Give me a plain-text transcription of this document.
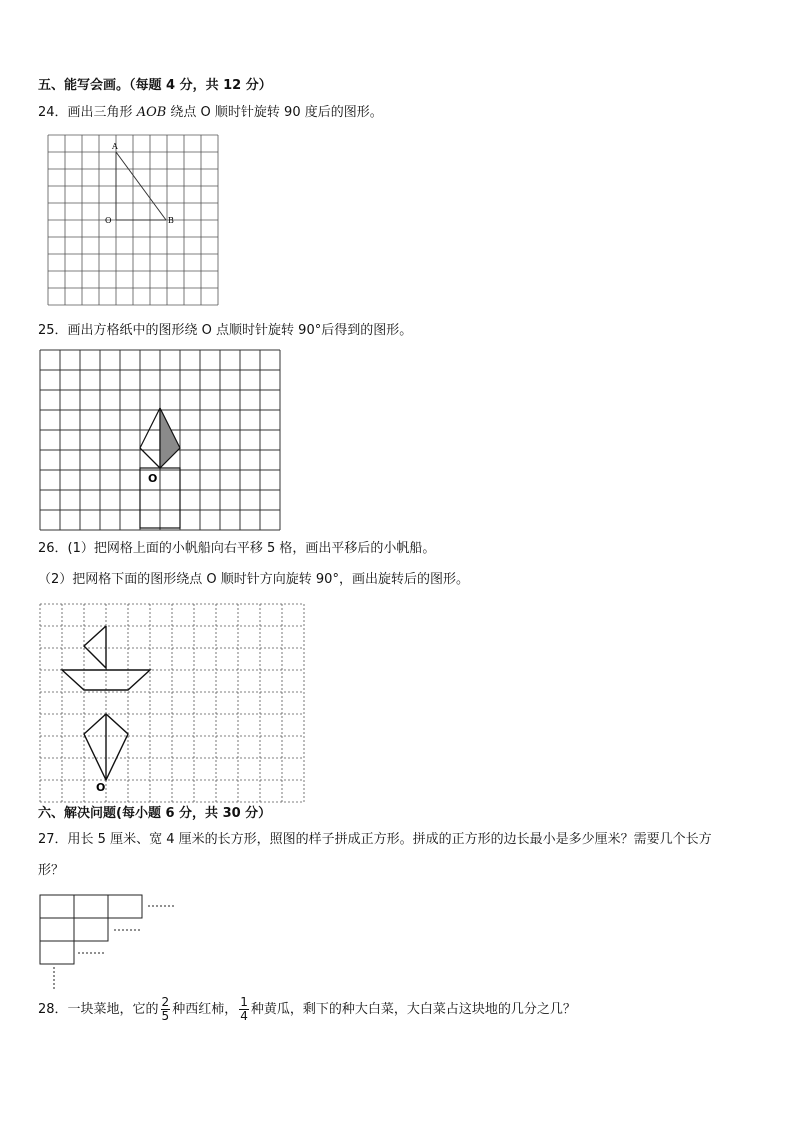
五、能写会画。（每题 4 分，共 12 分）
24．画出三角形 AOB 绕点 O 顺时针旋转 90 度后的图形。
A
O	B
25．画出方格纸中的图形绕 O 点顺时针旋转 90°后得到的图形。
O
26．(1）把网格上面的小帆船向右平移 5 格，画出平移后的小帆船。
（2）把网格下面的图形绕点 O 顺时针方向旋转 90°，画出旋转后的图形。
O
六、解决问题(每小题 6 分，共 30 分）
27．用长 5 厘米、宽 4 厘米的长方形，照图的样子拼成正方形。拼成的正方形的边长最小是多少厘米？需要几个长方
形？
28．一块菜地，它的 $\frac{2}{5}$ 种西红柿， $\frac{1}{4}$ 种黄瓜，剩下的种大白菜，大白菜占这块地的几分之几？
